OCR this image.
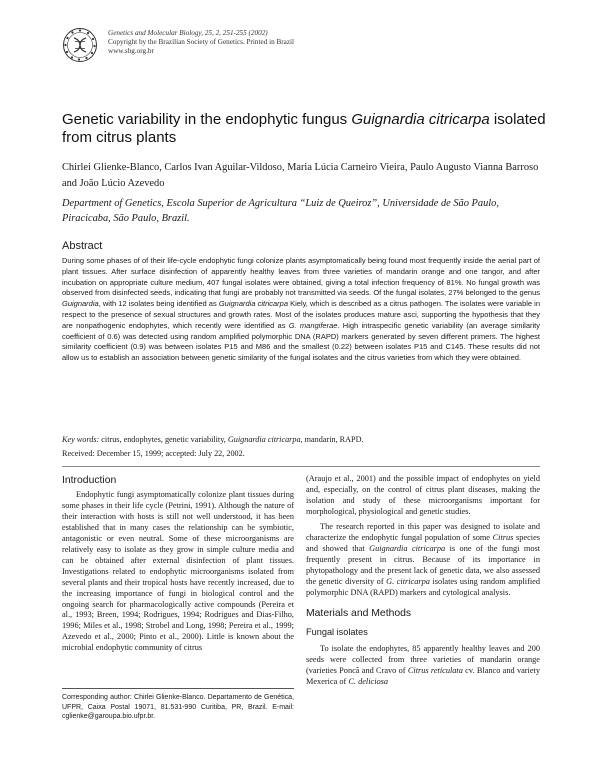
Genetics and Molecular Biology, 25, 2, 251-255 (2002)
Copyright by the Brazilian Society of Genetics. Printed in Brazil
www.sbg.org.br
Genetic variability in the endophytic fungus Guignardia citricarpa isolated from citrus plants
Chirlei Glienke-Blanco, Carlos Ivan Aguilar-Vildoso, Maria Lúcia Carneiro Vieira, Paulo Augusto Vianna Barroso and João Lúcio Azevedo
Department of Genetics, Escola Superior de Agricultura “Luiz de Queiroz”, Universidade de São Paulo, Piracicaba, São Paulo, Brazil.
Abstract
During some phases of of their life-cycle endophytic fungi colonize plants asymptomatically being found most frequently inside the aerial part of plant tissues. After surface disinfection of apparently healthy leaves from three varieties of mandarin orange and one tangor, and after incubation on appropriate culture medium, 407 fungal isolates were obtained, giving a total infection frequency of 81%. No fungal growth was observed from disinfected seeds, indicating that fungi are probably not transmitted via seeds. Of the fungal isolates, 27% belonged to the genus Guignardia, with 12 isolates being identified as Guignardia citricarpa Kiely, which is described as a citrus pathogen. The isolates were variable in respect to the presence of sexual structures and growth rates. Most of the isolates produces mature asci, supporting the hypothesis that they are nonpathogenic endophytes, which recently were identified as G. mangiferae. High intraspecific genetic variability (an average similarity coefficient of 0.6) was detected using random amplified polymorphic DNA (RAPD) markers generated by seven different primers. The highest similarity coefficient (0.9) was between isolates P15 and M86 and the smallest (0.22) between isolates P15 and C145. These results did not allow us to establish an association between genetic similarity of the fungal isolates and the citrus varieties from which they were obtained.
Key words: citrus, endophytes, genetic variability, Guignardia citricarpa, mandarin, RAPD.
Received: December 15, 1999; accepted: July 22, 2002.
Introduction

Endophytic fungi asymptomatically colonize plant tissues during some phases in their life cycle (Petrini, 1991). Although the nature of their interaction with hosts is still not well understood, it has been established that in many cases the relationship can be symbiotic, antagonistic or even neutral. Some of these microorganisms are relatively easy to isolate as they grow in simple culture media and can be obtained after external disinfection of plant tissues. Investigations related to endophytic microorganisms isolated from several plants and their tropical hosts have recently increased, due to the increasing importance of fungi in biological control and the ongoing search for pharmacologically active compounds (Pereira et al., 1993; Breen, 1994; Rodrigues, 1994; Rodrigues and Dias-Filho, 1996; Miles et al., 1998; Strobel and Long, 1998; Pereira et al., 1999; Azevedo et al., 2000; Pinto et al., 2000). Little is known about the microbial endophytic community of citrus

(Araujo et al., 2001) and the possible impact of endophytes on yield and, especially, on the control of citrus plant diseases, making the isolation and study of these microorganisms important for morphological, physiological and genetic studies.

The research reported in this paper was designed to isolate and characterize the endophytic fungal population of some Citrus species and showed that Guignardia citricarpa is one of the fungi most frequently present in citrus. Because of its importance in phytopathology and the present lack of genetic data, we also assessed the genetic diversity of G. citricarpa isolates using random amplified polymorphic DNA (RAPD) markers and cytological analysis.

Materials and Methods
Fungal isolates

To isolate the endophytes, 85 apparently healthy leaves and 200 seeds were collected from three varieties of mandarin orange (varieties Poncã and Cravo of Citrus reticulata cv. Blanco and variety Mexerica of C. deliciosa

Corresponding author: Chirlei Glienke-Blanco. Departamento de Genética, UFPR, Caixa Postal 19071, 81.531-990 Curitiba, PR, Brazil. E-mail: cglienke@garoupa.bio.ufpr.br.
